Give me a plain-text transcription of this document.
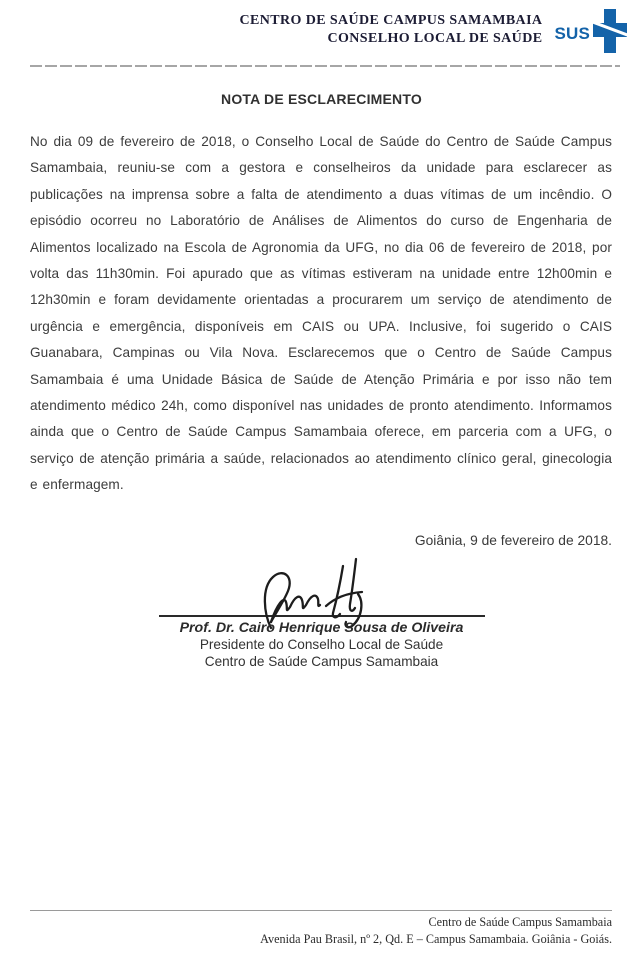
CENTRO DE SAÚDE CAMPUS SAMAMBAIA
CONSELHO LOCAL DE SAÚDE SUS
NOTA DE ESCLARECIMENTO
No dia 09 de fevereiro de 2018, o Conselho Local de Saúde do Centro de Saúde Campus Samambaia, reuniu-se com a gestora e conselheiros da unidade para esclarecer as publicações na imprensa sobre a falta de atendimento a duas vítimas de um incêndio. O episódio ocorreu no Laboratório de Análises de Alimentos do curso de Engenharia de Alimentos localizado na Escola de Agronomia da UFG, no dia 06 de fevereiro de 2018, por volta das 11h30min. Foi apurado que as vítimas estiveram na unidade entre 12h00min e 12h30min e foram devidamente orientadas a procurarem um serviço de atendimento de urgência e emergência, disponíveis em CAIS ou UPA. Inclusive, foi sugerido o CAIS Guanabara, Campinas ou Vila Nova. Esclarecemos que o Centro de Saúde Campus Samambaia é uma Unidade Básica de Saúde de Atenção Primária e por isso não tem atendimento médico 24h, como disponível nas unidades de pronto atendimento. Informamos ainda que o Centro de Saúde Campus Samambaia oferece, em parceria com a UFG, o serviço de atenção primária a saúde, relacionados ao atendimento clínico geral, ginecologia e enfermagem.
Goiânia, 9 de fevereiro de 2018.
Prof. Dr. Cairo Henrique Sousa de Oliveira
Presidente do Conselho Local de Saúde
Centro de Saúde Campus Samambaia
Centro de Saúde Campus Samambaia
Avenida Pau Brasil, nº 2, Qd. E – Campus Samambaia. Goiânia - Goiás.
